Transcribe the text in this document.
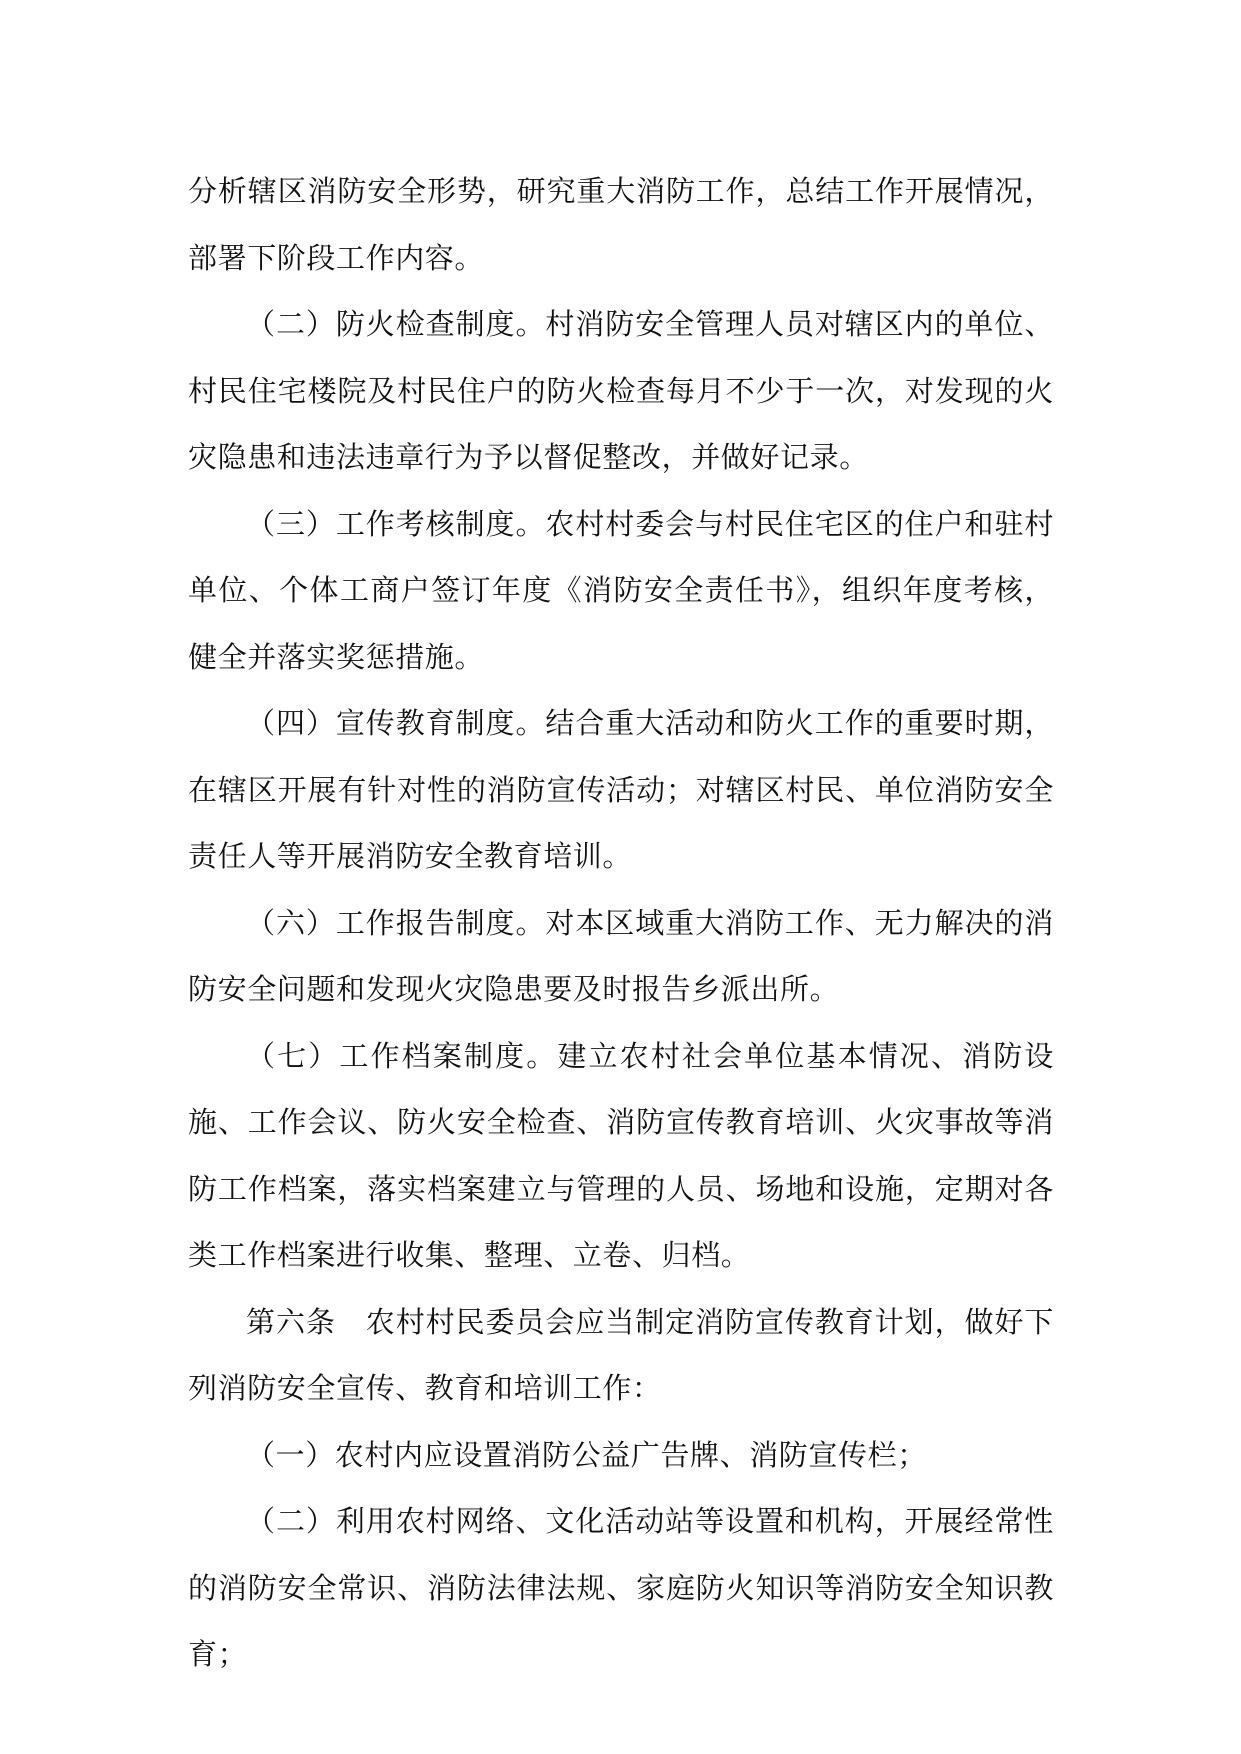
分析辖区消防安全形势，研究重大消防工作，总结工作开展情况，部署下阶段工作内容。

（二）防火检查制度。村消防安全管理人员对辖区内的单位、村民住宅楼院及村民住户的防火检查每月不少于一次，对发现的火灾隐患和违法违章行为予以督促整改，并做好记录。

（三）工作考核制度。农村村委会与村民住宅区的住户和驻村单位、个体工商户签订年度《消防安全责任书》，组织年度考核，健全并落实奖惩措施。

（四）宣传教育制度。结合重大活动和防火工作的重要时期，在辖区开展有针对性的消防宣传活动；对辖区村民、单位消防安全责任人等开展消防安全教育培训。

（六）工作报告制度。对本区域重大消防工作、无力解决的消防安全问题和发现火灾隐患要及时报告乡派出所。

（七）工作档案制度。建立农村社会单位基本情况、消防设施、工作会议、防火安全检查、消防宣传教育培训、火灾事故等消防工作档案，落实档案建立与管理的人员、场地和设施，定期对各类工作档案进行收集、整理、立卷、归档。

第六条　农村村民委员会应当制定消防宣传教育计划，做好下列消防安全宣传、教育和培训工作：

（一）农村内应设置消防公益广告牌、消防宣传栏；

（二）利用农村网络、文化活动站等设置和机构，开展经常性的消防安全常识、消防法律法规、家庭防火知识等消防安全知识教育；
